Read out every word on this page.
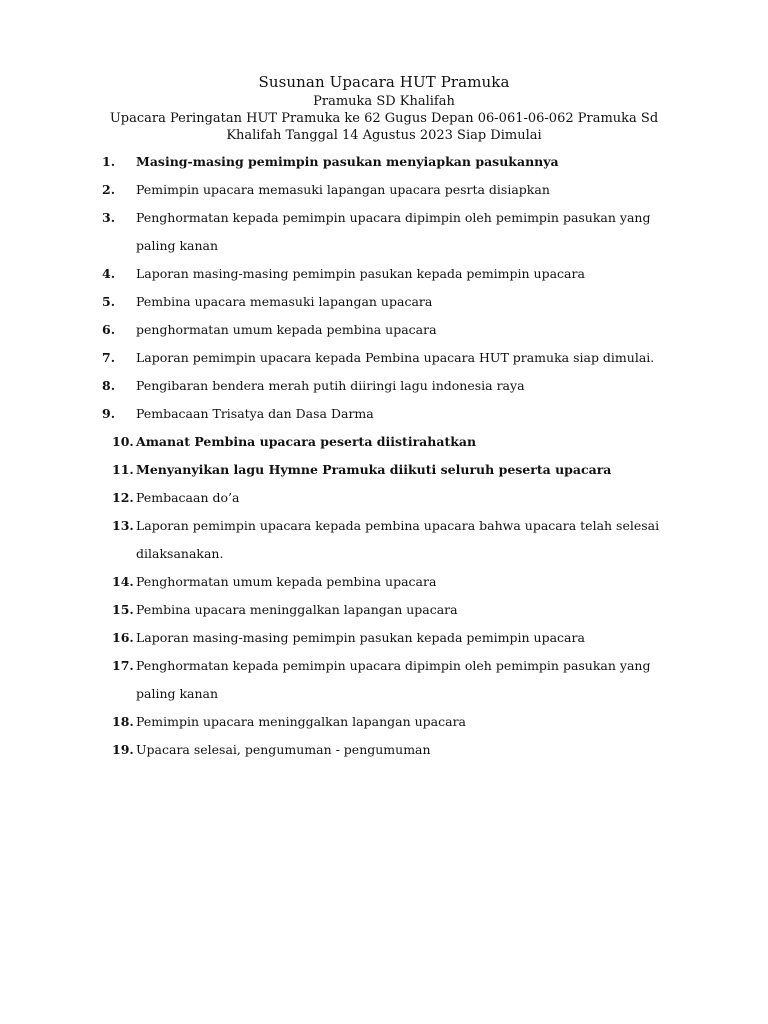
Susunan Upacara HUT Pramuka

Pramuka SD Khalifah

Upacara Peringatan HUT Pramuka ke 62 Gugus Depan 06-061-06-062 Pramuka Sd

Khalifah Tanggal 14 Agustus 2023 Siap Dimulai

1.	Masing-masing pemimpin pasukan menyiapkan pasukannya
2.	Pemimpin upacara memasuki lapangan upacara pesrta disiapkan
3.	Penghormatan kepada pemimpin upacara dipimpin oleh pemimpin pasukan yang
paling kanan
4.	Laporan masing-masing pemimpin pasukan kepada pemimpin upacara
5.	Pembina upacara memasuki lapangan upacara
6.	penghormatan umum kepada pembina upacara
7.	Laporan pemimpin upacara kepada Pembina upacara HUT pramuka siap dimulai.
8.	Pengibaran bendera merah putih diiringi lagu indonesia raya
9.	Pembacaan Trisatya dan Dasa Darma
10. Amanat Pembina upacara peserta diistirahatkan
11. Menyanyikan lagu Hymne Pramuka diikuti seluruh peserta upacara
12. Pembacaan do’a
13. Laporan pemimpin upacara kepada pembina upacara bahwa upacara telah selesai
dilaksanakan.
14. Penghormatan umum kepada pembina upacara
15. Pembina upacara meninggalkan lapangan upacara
16. Laporan masing-masing pemimpin pasukan kepada pemimpin upacara
17. Penghormatan kepada pemimpin upacara dipimpin oleh pemimpin pasukan yang
paling kanan
18. Pemimpin upacara meninggalkan lapangan upacara
19. Upacara selesai, pengumuman - pengumuman
